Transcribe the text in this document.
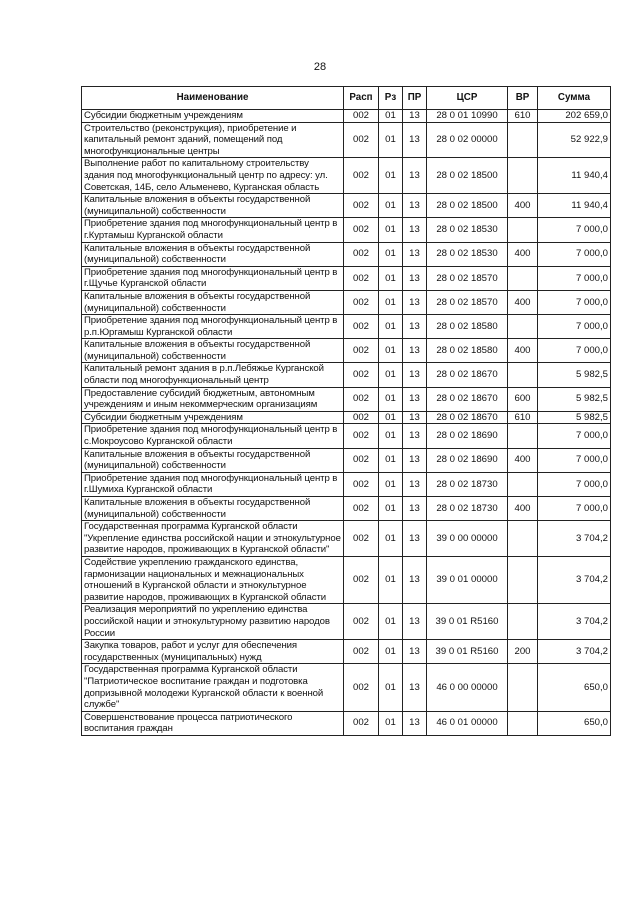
28
Наименование	Расп	Рз	ПР	ЦСР	ВР	Сумма
Субсидии бюджетным учреждениям	002	01	13	28 0 01 10990	610	202 659,0
Строительство (реконструкция), приобретение и капитальный ремонт зданий, помещений под многофункциональные центры	002	01	13	28 0 02 00000		52 922,9
Выполнение работ по капитальному строительству здания под многофункциональный центр по адресу: ул. Советская, 14Б, село Альменево, Курганская область	002	01	13	28 0 02 18500		11 940,4
Капитальные вложения в объекты государственной (муниципальной) собственности	002	01	13	28 0 02 18500	400	11 940,4
Приобретение здания под многофункциональный центр в г.Куртамыш Курганской области	002	01	13	28 0 02 18530		7 000,0
Капитальные вложения в объекты государственной (муниципальной) собственности	002	01	13	28 0 02 18530	400	7 000,0
Приобретение здания под многофункциональный центр в г.Щучье Курганской области	002	01	13	28 0 02 18570		7 000,0
Капитальные вложения в объекты государственной (муниципальной) собственности	002	01	13	28 0 02 18570	400	7 000,0
Приобретение здания под многофункциональный центр в р.п.Юргамыш Курганской области	002	01	13	28 0 02 18580		7 000,0
Капитальные вложения в объекты государственной (муниципальной) собственности	002	01	13	28 0 02 18580	400	7 000,0
Капитальный ремонт здания в р.п.Лебяжье Курганской области под многофункциональный центр	002	01	13	28 0 02 18670		5 982,5
Предоставление субсидий бюджетным, автономным учреждениям и иным некоммерческим организациям	002	01	13	28 0 02 18670	600	5 982,5
Субсидии бюджетным учреждениям	002	01	13	28 0 02 18670	610	5 982,5
Приобретение здания под многофункциональный центр в с.Мокроусово Курганской области	002	01	13	28 0 02 18690		7 000,0
Капитальные вложения в объекты государственной (муниципальной) собственности	002	01	13	28 0 02 18690	400	7 000,0
Приобретение здания под многофункциональный центр в г.Шумиха Курганской области	002	01	13	28 0 02 18730		7 000,0
Капитальные вложения в объекты государственной (муниципальной) собственности	002	01	13	28 0 02 18730	400	7 000,0
Государственная программа Курганской области "Укрепление единства российской нации и этнокультурное развитие народов, проживающих в Курганской области"	002	01	13	39 0 00 00000		3 704,2
Содействие укреплению гражданского единства, гармонизации национальных и межнациональных отношений в Курганской области и этнокультурное развитие народов, проживающих в Курганской области	002	01	13	39 0 01 00000		3 704,2
Реализация мероприятий по укреплению единства российской нации и этнокультурному развитию народов России	002	01	13	39 0 01 R5160		3 704,2
Закупка товаров, работ и услуг для обеспечения государственных (муниципальных) нужд	002	01	13	39 0 01 R5160	200	3 704,2
Государственная программа Курганской области "Патриотическое воспитание граждан и подготовка допризывной молодежи Курганской области к военной службе"	002	01	13	46 0 00 00000		650,0
Совершенствование процесса патриотического воспитания граждан	002	01	13	46 0 01 00000		650,0
